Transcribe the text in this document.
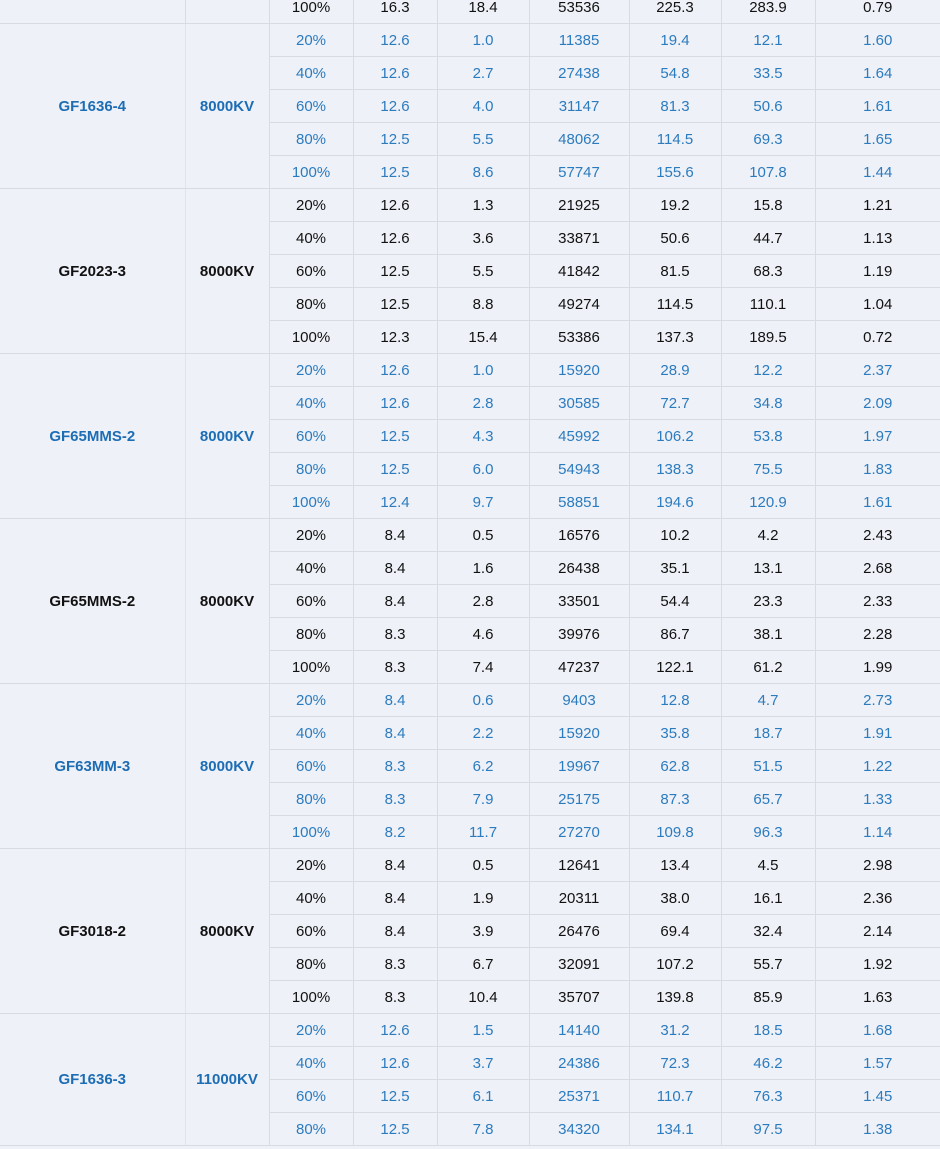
		100%	16.3	18.4	53536	225.3	283.9	0.79
GF1636-4	8000KV	20%	12.6	1.0	11385	19.4	12.1	1.60
		40%	12.6	2.7	27438	54.8	33.5	1.64
		60%	12.6	4.0	31147	81.3	50.6	1.61
		80%	12.5	5.5	48062	114.5	69.3	1.65
		100%	12.5	8.6	57747	155.6	107.8	1.44
GF2023-3	8000KV	20%	12.6	1.3	21925	19.2	15.8	1.21
		40%	12.6	3.6	33871	50.6	44.7	1.13
		60%	12.5	5.5	41842	81.5	68.3	1.19
		80%	12.5	8.8	49274	114.5	110.1	1.04
		100%	12.3	15.4	53386	137.3	189.5	0.72
GF65MMS-2	8000KV	20%	12.6	1.0	15920	28.9	12.2	2.37
		40%	12.6	2.8	30585	72.7	34.8	2.09
		60%	12.5	4.3	45992	106.2	53.8	1.97
		80%	12.5	6.0	54943	138.3	75.5	1.83
		100%	12.4	9.7	58851	194.6	120.9	1.61
GF65MMS-2	8000KV	20%	8.4	0.5	16576	10.2	4.2	2.43
		40%	8.4	1.6	26438	35.1	13.1	2.68
		60%	8.4	2.8	33501	54.4	23.3	2.33
		80%	8.3	4.6	39976	86.7	38.1	2.28
		100%	8.3	7.4	47237	122.1	61.2	1.99
GF63MM-3	8000KV	20%	8.4	0.6	9403	12.8	4.7	2.73
		40%	8.4	2.2	15920	35.8	18.7	1.91
		60%	8.3	6.2	19967	62.8	51.5	1.22
		80%	8.3	7.9	25175	87.3	65.7	1.33
		100%	8.2	11.7	27270	109.8	96.3	1.14
GF3018-2	8000KV	20%	8.4	0.5	12641	13.4	4.5	2.98
		40%	8.4	1.9	20311	38.0	16.1	2.36
		60%	8.4	3.9	26476	69.4	32.4	2.14
		80%	8.3	6.7	32091	107.2	55.7	1.92
		100%	8.3	10.4	35707	139.8	85.9	1.63
GF1636-3	11000KV	20%	12.6	1.5	14140	31.2	18.5	1.68
		40%	12.6	3.7	24386	72.3	46.2	1.57
		60%	12.5	6.1	25371	110.7	76.3	1.45
		80%	12.5	7.8	34320	134.1	97.5	1.38
